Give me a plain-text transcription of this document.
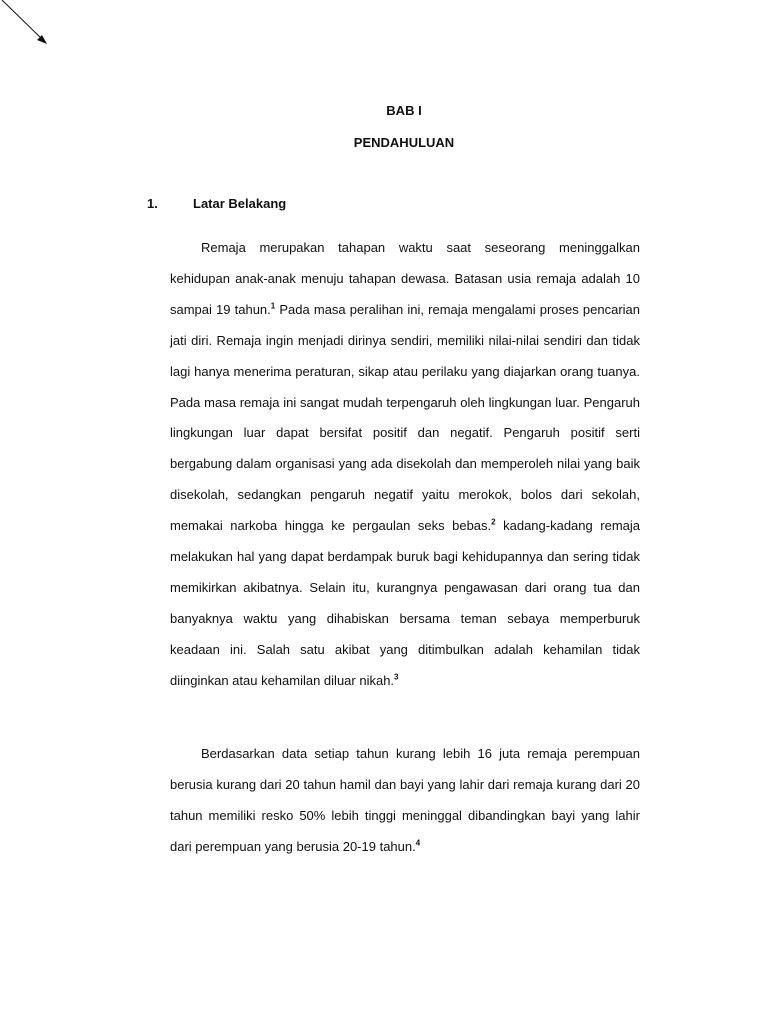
BAB I
PENDAHULUAN
1.	Latar Belakang

Remaja merupakan tahapan waktu saat seseorang meninggalkan kehidupan anak-anak menuju tahapan dewasa. Batasan usia remaja adalah 10 sampai 19 tahun.$^1$ Pada masa peralihan ini, remaja mengalami proses pencarian jati diri. Remaja ingin menjadi dirinya sendiri, memiliki nilai-nilai sendiri dan tidak lagi hanya menerima peraturan, sikap atau perilaku yang diajarkan orang tuanya. Pada masa remaja ini sangat mudah terpengaruh oleh lingkungan luar. Pengaruh lingkungan luar dapat bersifat positif dan negatif. Pengaruh positif serti bergabung dalam organisasi yang ada disekolah dan memperoleh nilai yang baik disekolah, sedangkan pengaruh negatif yaitu merokok, bolos dari sekolah, memakai narkoba hingga ke pergaulan seks bebas.$^2$ kadang-kadang remaja melakukan hal yang dapat berdampak buruk bagi kehidupannya dan sering tidak memikirkan akibatnya. Selain itu, kurangnya pengawasan dari orang tua dan banyaknya waktu yang dihabiskan bersama teman sebaya memperburuk keadaan ini. Salah satu akibat yang ditimbulkan adalah kehamilan tidak diinginkan atau kehamilan diluar nikah.$^3$

Berdasarkan data setiap tahun kurang lebih 16 juta remaja perempuan berusia kurang dari 20 tahun hamil dan bayi yang lahir dari remaja kurang dari 20 tahun memiliki resko 50% lebih tinggi meninggal dibandingkan bayi yang lahir dari perempuan yang berusia 20-19 tahun.$^4$
